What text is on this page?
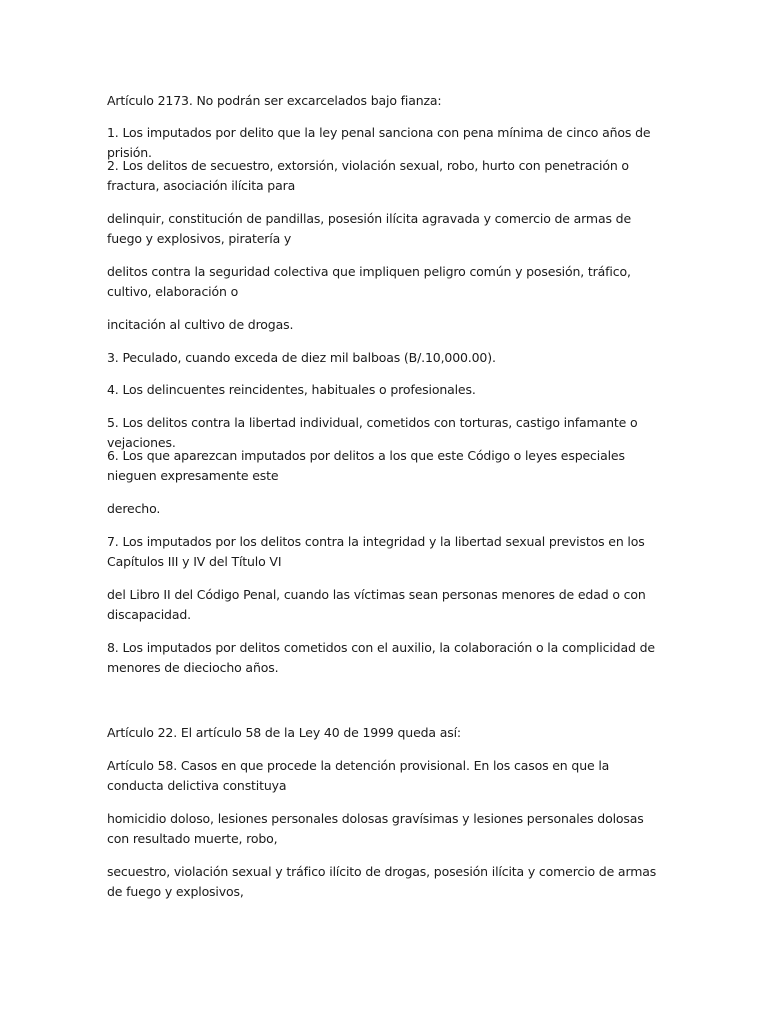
Artículo 2173. No podrán ser excarcelados bajo fianza:

1. Los imputados por delito que la ley penal sanciona con pena mínima de cinco años de prisión.

2. Los delitos de secuestro, extorsión, violación sexual, robo, hurto con penetración o fractura, asociación ilícita para

delinquir, constitución de pandillas, posesión ilícita agravada y comercio de armas de fuego y explosivos, piratería y

delitos contra la seguridad colectiva que impliquen peligro común y posesión, tráfico, cultivo, elaboración o

incitación al cultivo de drogas.

3. Peculado, cuando exceda de diez mil balboas (B/.10,000.00).

4. Los delincuentes reincidentes, habituales o profesionales.

5. Los delitos contra la libertad individual, cometidos con torturas, castigo infamante o vejaciones.

6. Los que aparezcan imputados por delitos a los que este Código o leyes especiales nieguen expresamente este

derecho.

7. Los imputados por los delitos contra la integridad y la libertad sexual previstos en los Capítulos III y IV del Título VI

del Libro II del Código Penal, cuando las víctimas sean personas menores de edad o con discapacidad.

8. Los imputados por delitos cometidos con el auxilio, la colaboración o la complicidad de menores de dieciocho años.

Artículo 22. El artículo 58 de la Ley 40 de 1999 queda así:

Artículo 58. Casos en que procede la detención provisional. En los casos en que la conducta delictiva constituya

homicidio doloso, lesiones personales dolosas gravísimas y lesiones personales dolosas con resultado muerte, robo,

secuestro, violación sexual y tráfico ilícito de drogas, posesión ilícita y comercio de armas de fuego y explosivos,
